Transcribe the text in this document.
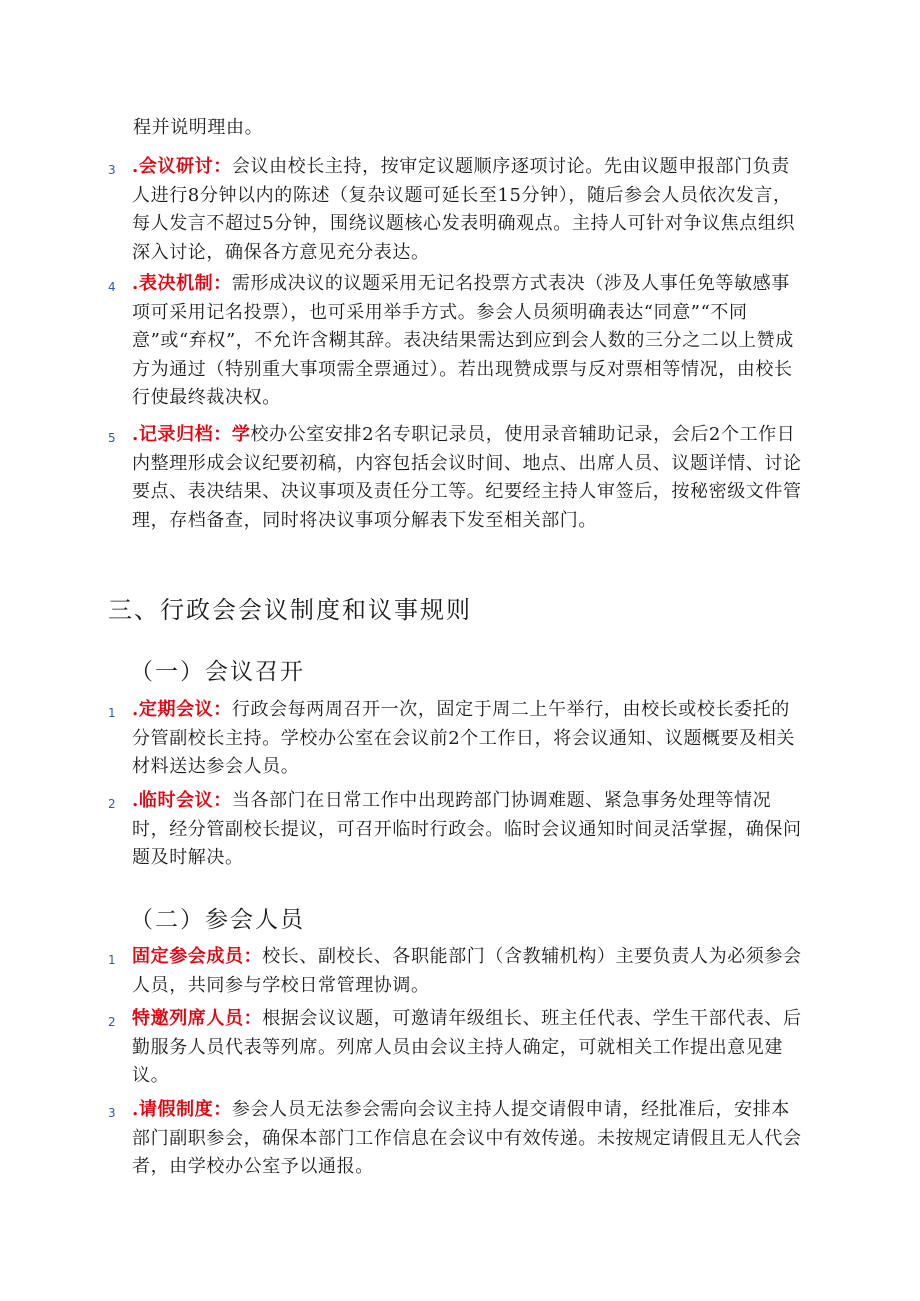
程并说明理由。
3 .会议研讨：会议由校长主持，按审定议题顺序逐项讨论。先由议题申报部门负责人进行8分钟以内的陈述（复杂议题可延长至15分钟），随后参会人员依次发言，每人发言不超过5分钟，围绕议题核心发表明确观点。主持人可针对争议焦点组织深入讨论，确保各方意见充分表达。
4 .表决机制：需形成决议的议题采用无记名投票方式表决（涉及人事任免等敏感事项可采用记名投票），也可采用举手方式。参会人员须明确表达“同意”“不同意”或“弃权”，不允许含糊其辞。表决结果需达到应到会人数的三分之二以上赞成方为通过（特别重大事项需全票通过）。若出现赞成票与反对票相等情况，由校长行使最终裁决权。
5 .记录归档：学校办公室安排2名专职记录员，使用录音辅助记录，会后2个工作日内整理形成会议纪要初稿，内容包括会议时间、地点、出席人员、议题详情、讨论要点、表决结果、决议事项及责任分工等。纪要经主持人审签后，按秘密级文件管理，存档备查，同时将决议事项分解表下发至相关部门。
三、行政会会议制度和议事规则
（一）会议召开
1 .定期会议：行政会每两周召开一次，固定于周二上午举行，由校长或校长委托的分管副校长主持。学校办公室在会议前2个工作日，将会议通知、议题概要及相关材料送达参会人员。
2 .临时会议：当各部门在日常工作中出现跨部门协调难题、紧急事务处理等情况时，经分管副校长提议，可召开临时行政会。临时会议通知时间灵活掌握，确保问题及时解决。
（二）参会人员
1 固定参会成员：校长、副校长、各职能部门（含教辅机构）主要负责人为必须参会人员，共同参与学校日常管理协调。
2 特邀列席人员：根据会议议题，可邀请年级组长、班主任代表、学生干部代表、后勤服务人员代表等列席。列席人员由会议主持人确定，可就相关工作提出意见建议。
3 .请假制度：参会人员无法参会需向会议主持人提交请假申请，经批准后，安排本部门副职参会，确保本部门工作信息在会议中有效传递。未按规定请假且无人代会者，由学校办公室予以通报。
